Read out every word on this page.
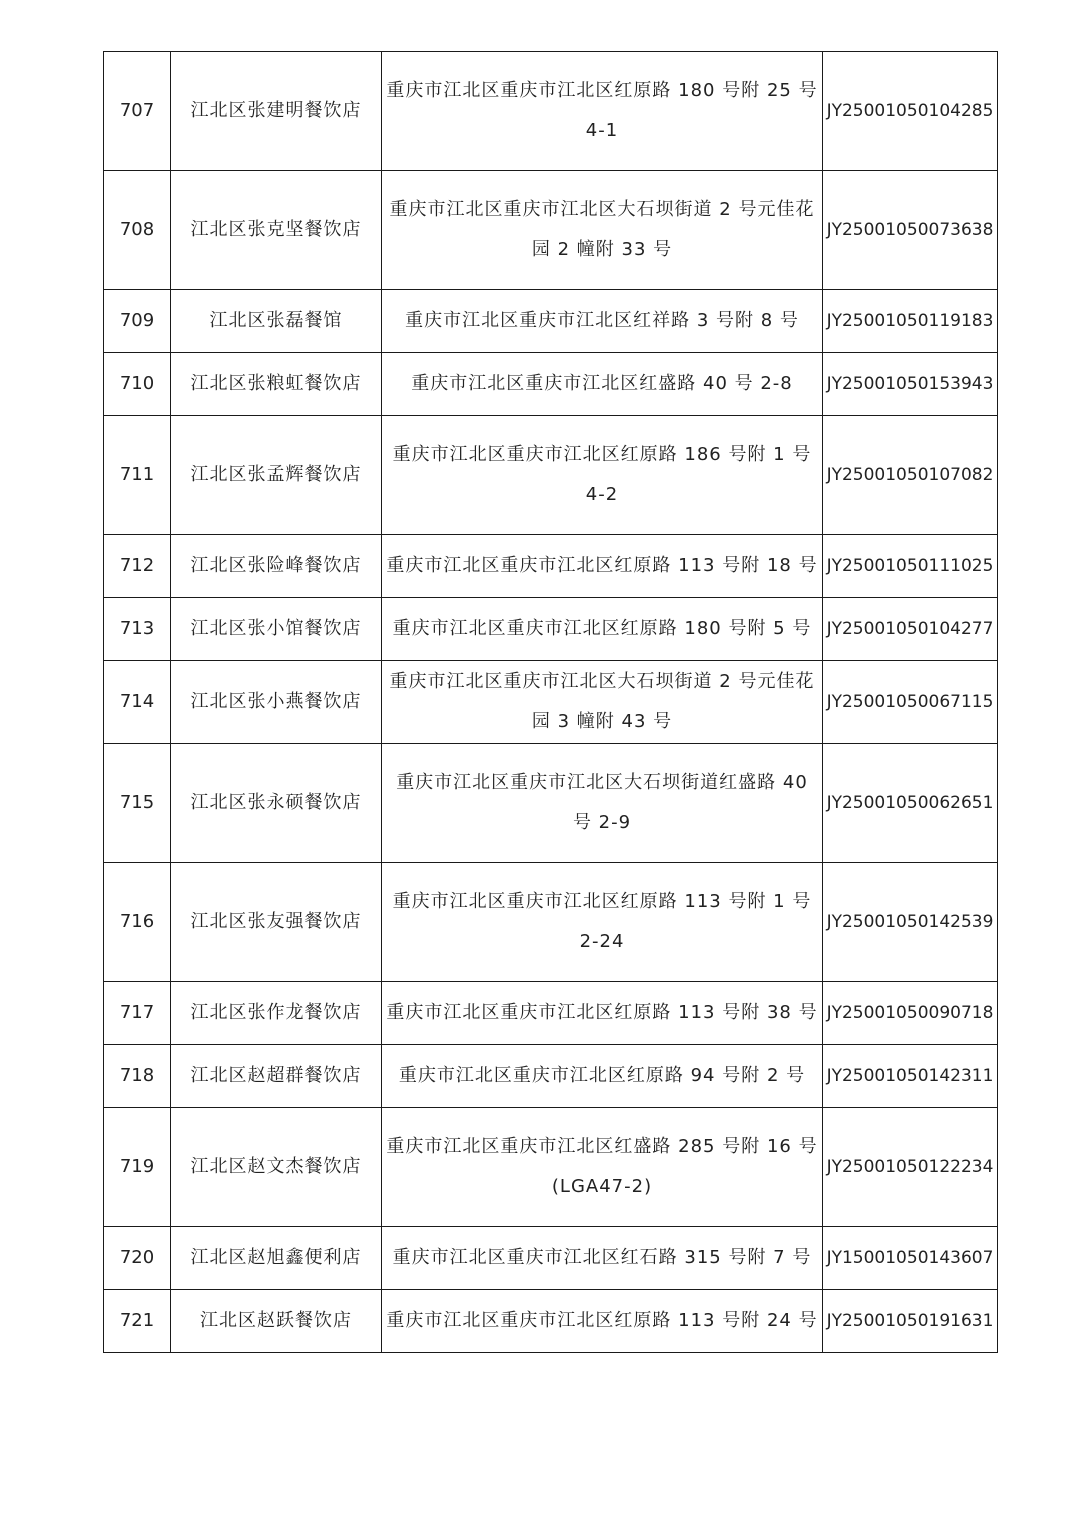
707	江北区张建明餐饮店	重庆市江北区重庆市江北区红原路 180 号附 25 号 4-1	JY25001050104285
708	江北区张克坚餐饮店	重庆市江北区重庆市江北区大石坝街道 2 号元佳花园 2 幢附 33 号	JY25001050073638
709	江北区张磊餐馆	重庆市江北区重庆市江北区红祥路 3 号附 8 号	JY25001050119183
710	江北区张粮虹餐饮店	重庆市江北区重庆市江北区红盛路 40 号 2-8	JY25001050153943
711	江北区张孟辉餐饮店	重庆市江北区重庆市江北区红原路 186 号附 1 号 4-2	JY25001050107082
712	江北区张险峰餐饮店	重庆市江北区重庆市江北区红原路 113 号附 18 号	JY25001050111025
713	江北区张小馆餐饮店	重庆市江北区重庆市江北区红原路 180 号附 5 号	JY25001050104277
714	江北区张小燕餐饮店	重庆市江北区重庆市江北区大石坝街道 2 号元佳花园 3 幢附 43 号	JY25001050067115
715	江北区张永硕餐饮店	重庆市江北区重庆市江北区大石坝街道红盛路 40 号 2-9	JY25001050062651
716	江北区张友强餐饮店	重庆市江北区重庆市江北区红原路 113 号附 1 号 2-24	JY25001050142539
717	江北区张作龙餐饮店	重庆市江北区重庆市江北区红原路 113 号附 38 号	JY25001050090718
718	江北区赵超群餐饮店	重庆市江北区重庆市江北区红原路 94 号附 2 号	JY25001050142311
719	江北区赵文杰餐饮店	重庆市江北区重庆市江北区红盛路 285 号附 16 号 (LGA47-2)	JY25001050122234
720	江北区赵旭鑫便利店	重庆市江北区重庆市江北区红石路 315 号附 7 号	JY15001050143607
721	江北区赵跃餐饮店	重庆市江北区重庆市江北区红原路 113 号附 24 号	JY25001050191631
